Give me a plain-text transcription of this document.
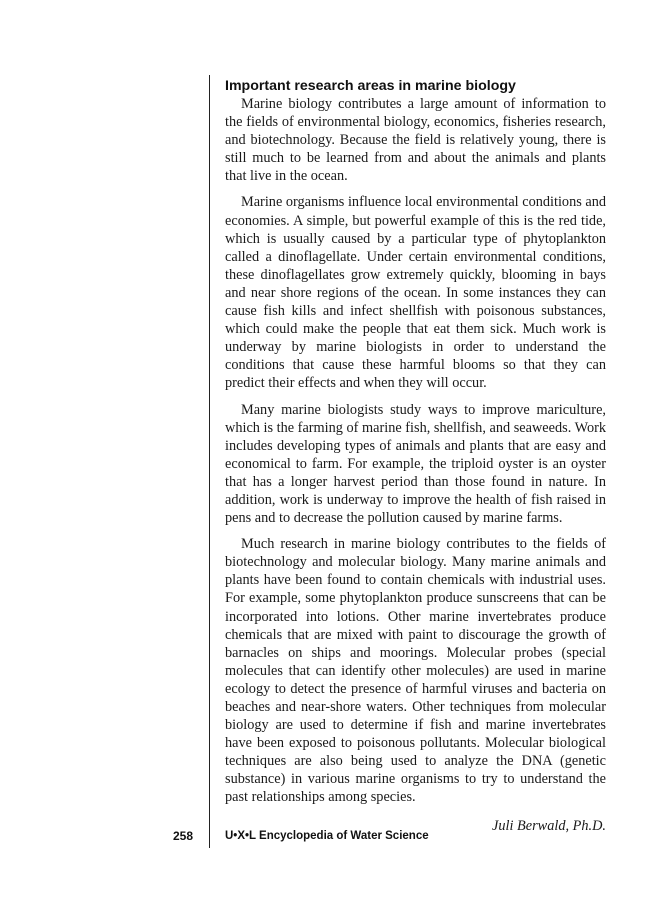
Important research areas in marine biology

Marine biology contributes a large amount of information to the fields of environmental biology, economics, fisheries research, and biotechnology. Because the field is relatively young, there is still much to be learned from and about the animals and plants that live in the ocean.

Marine organisms influence local environmental conditions and economies. A simple, but powerful example of this is the red tide, which is usually caused by a particular type of phytoplankton called a dinoflagellate. Under certain environmental conditions, these dinoflagellates grow extremely quickly, blooming in bays and near shore regions of the ocean. In some instances they can cause fish kills and infect shellfish with poisonous substances, which could make the people that eat them sick. Much work is underway by marine biologists in order to understand the conditions that cause these harmful blooms so that they can predict their effects and when they will occur.

Many marine biologists study ways to improve mariculture, which is the farming of marine fish, shellfish, and seaweeds. Work includes developing types of animals and plants that are easy and economical to farm. For example, the triploid oyster is an oyster that has a longer harvest period than those found in nature. In addition, work is underway to improve the health of fish raised in pens and to decrease the pollution caused by marine farms.

Much research in marine biology contributes to the fields of biotechnology and molecular biology. Many marine animals and plants have been found to contain chemicals with industrial uses. For example, some phytoplankton produce sunscreens that can be incorporated into lotions. Other marine invertebrates produce chemicals that are mixed with paint to discourage the growth of barnacles on ships and moorings. Molecular probes (special molecules that can identify other molecules) are used in marine ecology to detect the presence of harmful viruses and bacteria on beaches and near-shore waters. Other techniques from molecular biology are used to determine if fish and marine invertebrates have been exposed to poisonous pollutants. Molecular biological techniques are also being used to analyze the DNA (genetic substance) in various marine organisms to try to understand the past relationships among species.

Juli Berwald, Ph.D.

258	U•X•L Encyclopedia of Water Science
